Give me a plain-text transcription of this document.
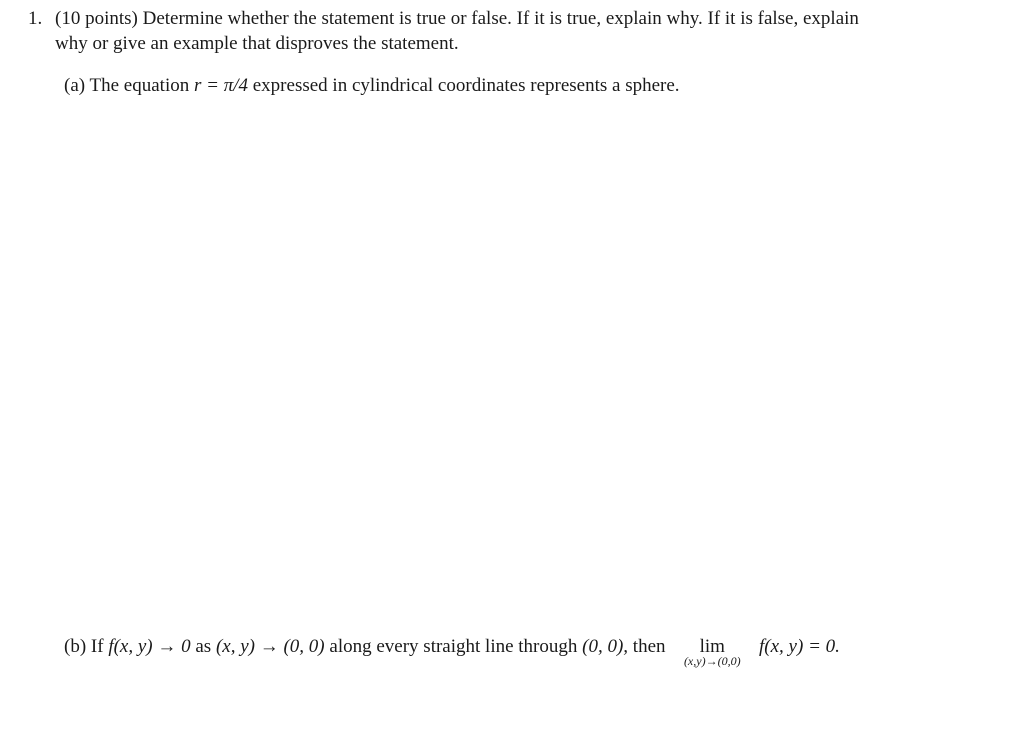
1. (10 points) Determine whether the statement is true or false. If it is true, explain why. If it is false, explain
why or give an example that disproves the statement.
(a) The equation r = π/4 expressed in cylindrical coordinates represents a sphere.
(b) If f(x, y) → 0 as (x, y) → (0, 0) along every straight line through (0, 0), then lim
(x,y)→(0,0)
f(x, y) = 0.
